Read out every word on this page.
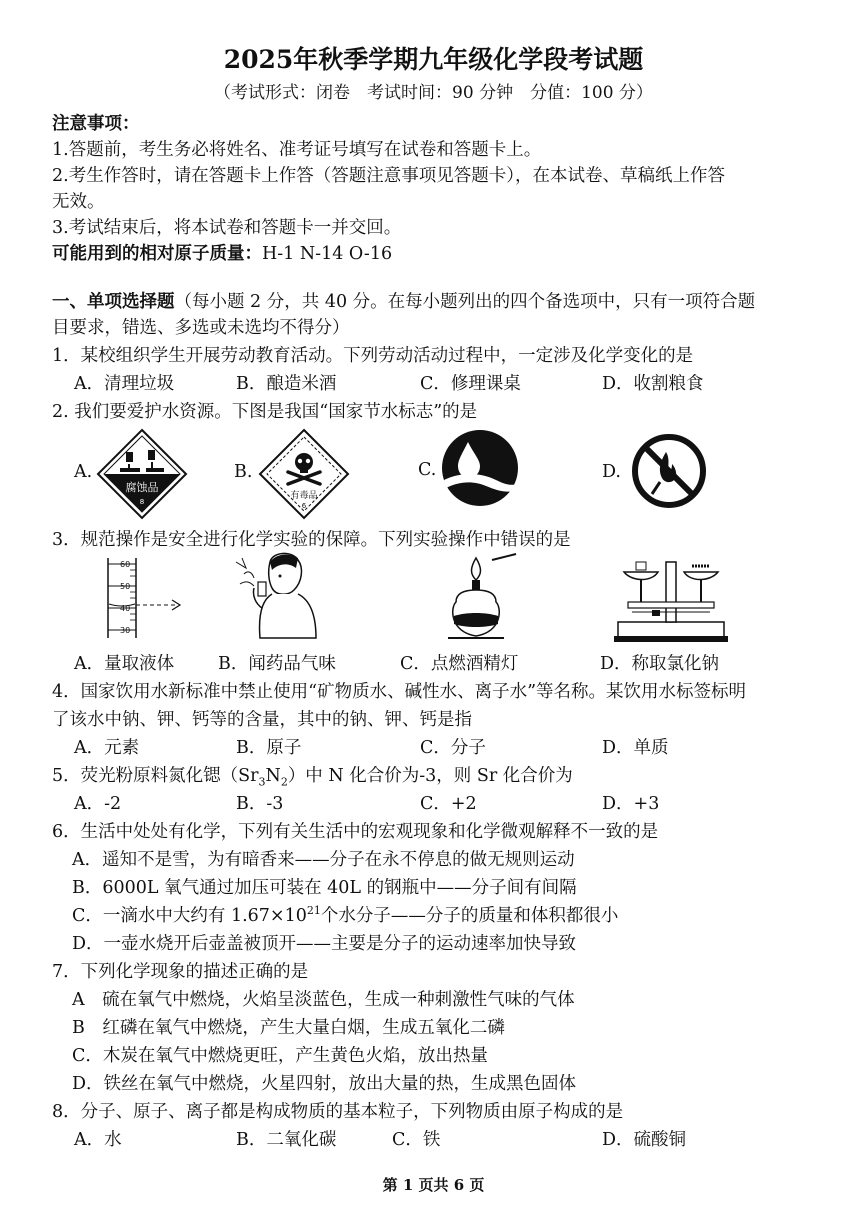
2025年秋季学期九年级化学段考试题
（考试形式：闭卷　考试时间：90 分钟　分值：100 分）
注意事项：
1.答题前，考生务必将姓名、准考证号填写在试卷和答题卡上。
2.考生作答时，请在答题卡上作答（答题注意事项见答题卡），在本试卷、草稿纸上作答
无效。
3.考试结束后，将本试卷和答题卡一并交回。
可能用到的相对原子质量：H-1 N-14 O-16
一、单项选择题（每小题 2 分，共 40 分。在每小题列出的四个备选项中，只有一项符合题
目要求，错选、多选或未选均不得分）
1．某校组织学生开展劳动教育活动。下列劳动活动过程中，一定涉及化学变化的是
A．清理垃圾	B．酿造米酒	C．修理课桌	D．收割粮食
2. 我们要爱护水资源。下图是我国“国家节水标志”的是
A.
腐蚀品
8
B.
有毒品
6
C.	D.
3．规范操作是安全进行化学实验的保障。下列实验操作中错误的是
60
50
40
30
A．量取液体	B．闻药品气味	C．点燃酒精灯	D．称取氯化钠
4．国家饮用水新标准中禁止使用“矿物质水、碱性水、离子水”等名称。某饮用水标签标明
了该水中钠、钾、钙等的含量，其中的钠、钾、钙是指
A．元素	B．原子	C．分子	D．单质
5．荧光粉原料氮化锶$(Sr_3N_2)$中 N 化合价为-3，则 Sr 化合价为
A．-2	B．-3	C．+2	D．+3
6．生活中处处有化学，下列有关生活中的宏观现象和化学微观解释不一致的是
A．遥知不是雪，为有暗香来——分子在永不停息的做无规则运动
B．6000L 氧气通过加压可装在 40L 的钢瓶中——分子间有间隔
C．一滴水中大约有 $1.67\times 10^{21}$个水分子——分子的质量和体积都很小
D．一壶水烧开后壶盖被顶开——主要是分子的运动速率加快导致
7．下列化学现象的描述正确的是
A　硫在氧气中燃烧，火焰呈淡蓝色，生成一种刺激性气味的气体
B　红磷在氧气中燃烧，产生大量白烟，生成五氧化二磷
C．木炭在氧气中燃烧更旺，产生黄色火焰，放出热量
D．铁丝在氧气中燃烧，火星四射，放出大量的热，生成黑色固体
8．分子、原子、离子都是构成物质的基本粒子，下列物质由原子构成的是
A．水	B．二氧化碳	C．铁	D．硫酸铜
第 1 页共 6 页
